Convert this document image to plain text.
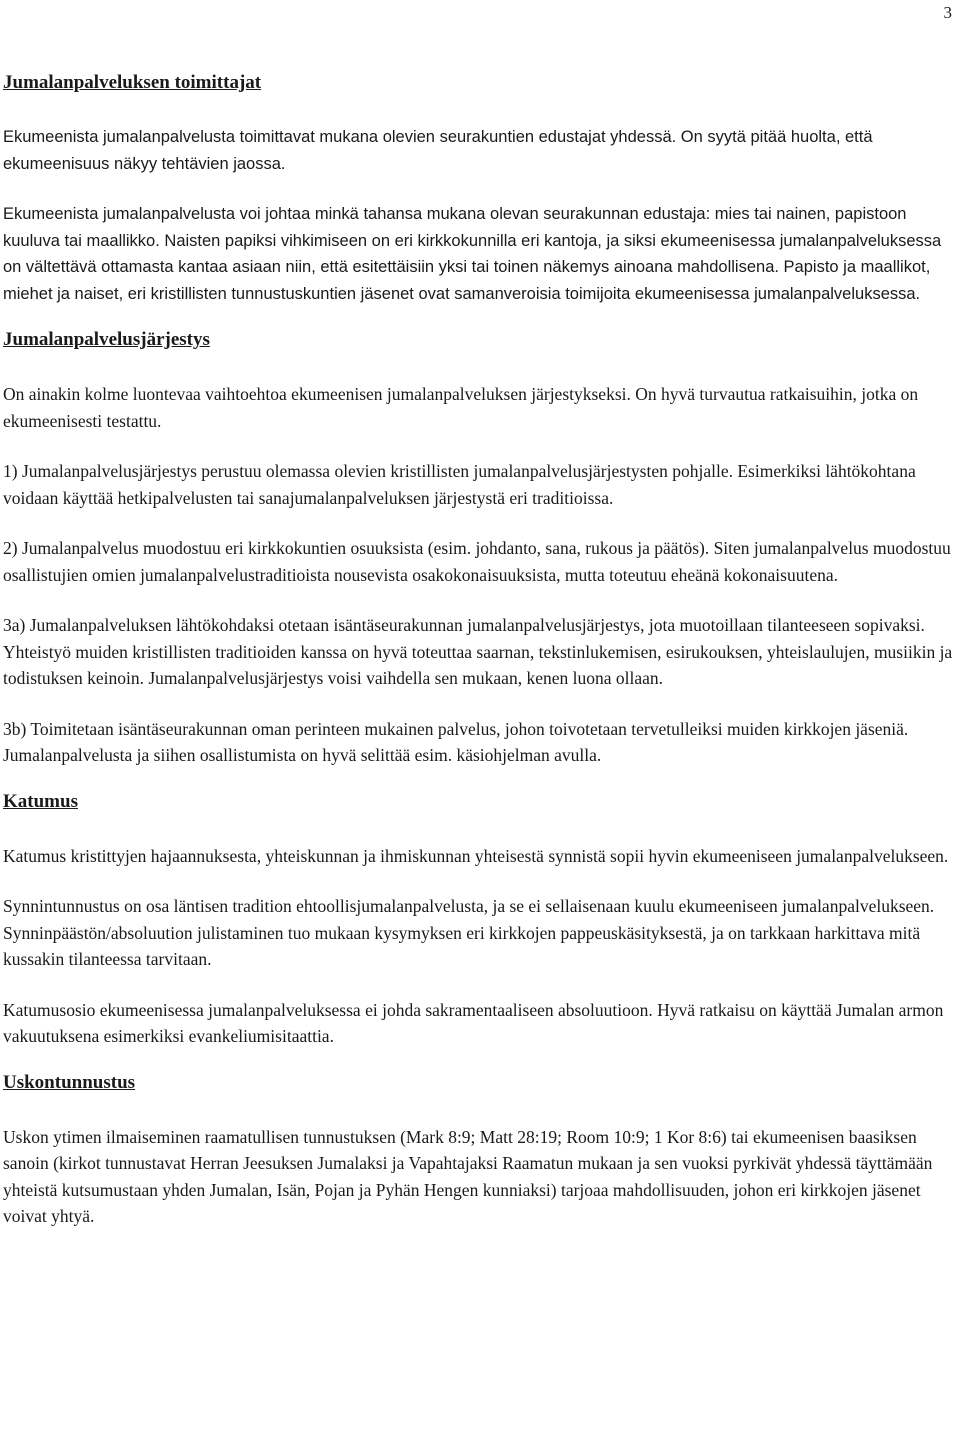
3
Jumalanpalveluksen toimittajat

Ekumeenista jumalanpalvelusta toimittavat mukana olevien seurakuntien edustajat yhdessä. On syytä pitää huolta, että ekumeenisuus näkyy tehtävien jaossa.

Ekumeenista jumalanpalvelusta voi johtaa minkä tahansa mukana olevan seurakunnan edustaja: mies tai nainen, papistoon kuuluva tai maallikko. Naisten papiksi vihkimiseen on eri kirkkokunnilla eri kantoja, ja siksi ekumeenisessa jumalanpalveluksessa on vältettävä ottamasta kantaa asiaan niin, että esitettäisiin yksi tai toinen näkemys ainoana mahdollisena. Papisto ja maallikot, miehet ja naiset, eri kristillisten tunnustuskuntien jäsenet ovat samanveroisia toimijoita ekumeenisessa jumalanpalveluksessa.

Jumalanpalvelusjärjestys

On ainakin kolme luontevaa vaihtoehtoa ekumeenisen jumalanpalveluksen järjestykseksi. On hyvä turvautua ratkaisuihin, jotka on ekumeenisesti testattu.

1) Jumalanpalvelusjärjestys perustuu olemassa olevien kristillisten jumalanpalvelusjärjestysten pohjalle. Esimerkiksi lähtökohtana voidaan käyttää hetkipalvelusten tai sanajumalanpalveluksen järjestystä eri traditioissa.

2) Jumalanpalvelus muodostuu eri kirkkokuntien osuuksista (esim. johdanto, sana, rukous ja päätös). Siten jumalanpalvelus muodostuu osallistujien omien jumalanpalvelustraditioista nousevista osakokonaisuuksista, mutta toteutuu eheänä kokonaisuutena.

3a) Jumalanpalveluksen lähtökohdaksi otetaan isäntäseurakunnan jumalanpalvelusjärjestys, jota muotoillaan tilanteeseen sopivaksi. Yhteistyö muiden kristillisten traditioiden kanssa on hyvä toteuttaa saarnan, tekstinlukemisen, esirukouksen, yhteislaulujen, musiikin ja todistuksen keinoin. Jumalanpalvelusjärjestys voisi vaihdella sen mukaan, kenen luona ollaan.

3b) Toimitetaan isäntäseurakunnan oman perinteen mukainen palvelus, johon toivotetaan tervetulleiksi muiden kirkkojen jäseniä. Jumalanpalvelusta ja siihen osallistumista on hyvä selittää esim. käsiohjelman avulla.

Katumus

Katumus kristittyjen hajaannuksesta, yhteiskunnan ja ihmiskunnan yhteisestä synnistä sopii hyvin ekumeeniseen jumalanpalvelukseen.

Synnintunnustus on osa läntisen tradition ehtoollisjumalanpalvelusta, ja se ei sellaisenaan kuulu ekumeeniseen jumalanpalvelukseen. Synninpäästön/absoluution julistaminen tuo mukaan kysymyksen eri kirkkojen pappeuskäsityksestä, ja on tarkkaan harkittava mitä kussakin tilanteessa tarvitaan.

Katumusosio ekumeenisessa jumalanpalveluksessa ei johda sakramentaaliseen absoluutioon. Hyvä ratkaisu on käyttää Jumalan armon vakuutuksena esimerkiksi evankeliumisitaattia.

Uskontunnustus

Uskon ytimen ilmaiseminen raamatullisen tunnustuksen (Mark 8:9; Matt 28:19; Room 10:9; 1 Kor 8:6) tai ekumeenisen baasiksen sanoin (kirkot tunnustavat Herran Jeesuksen Jumalaksi ja Vapahtajaksi Raamatun mukaan ja sen vuoksi pyrkivät yhdessä täyttämään yhteistä kutsumustaan yhden Jumalan, Isän, Pojan ja Pyhän Hengen kunniaksi) tarjoaa mahdollisuuden, johon eri kirkkojen jäsenet voivat yhtyä.
